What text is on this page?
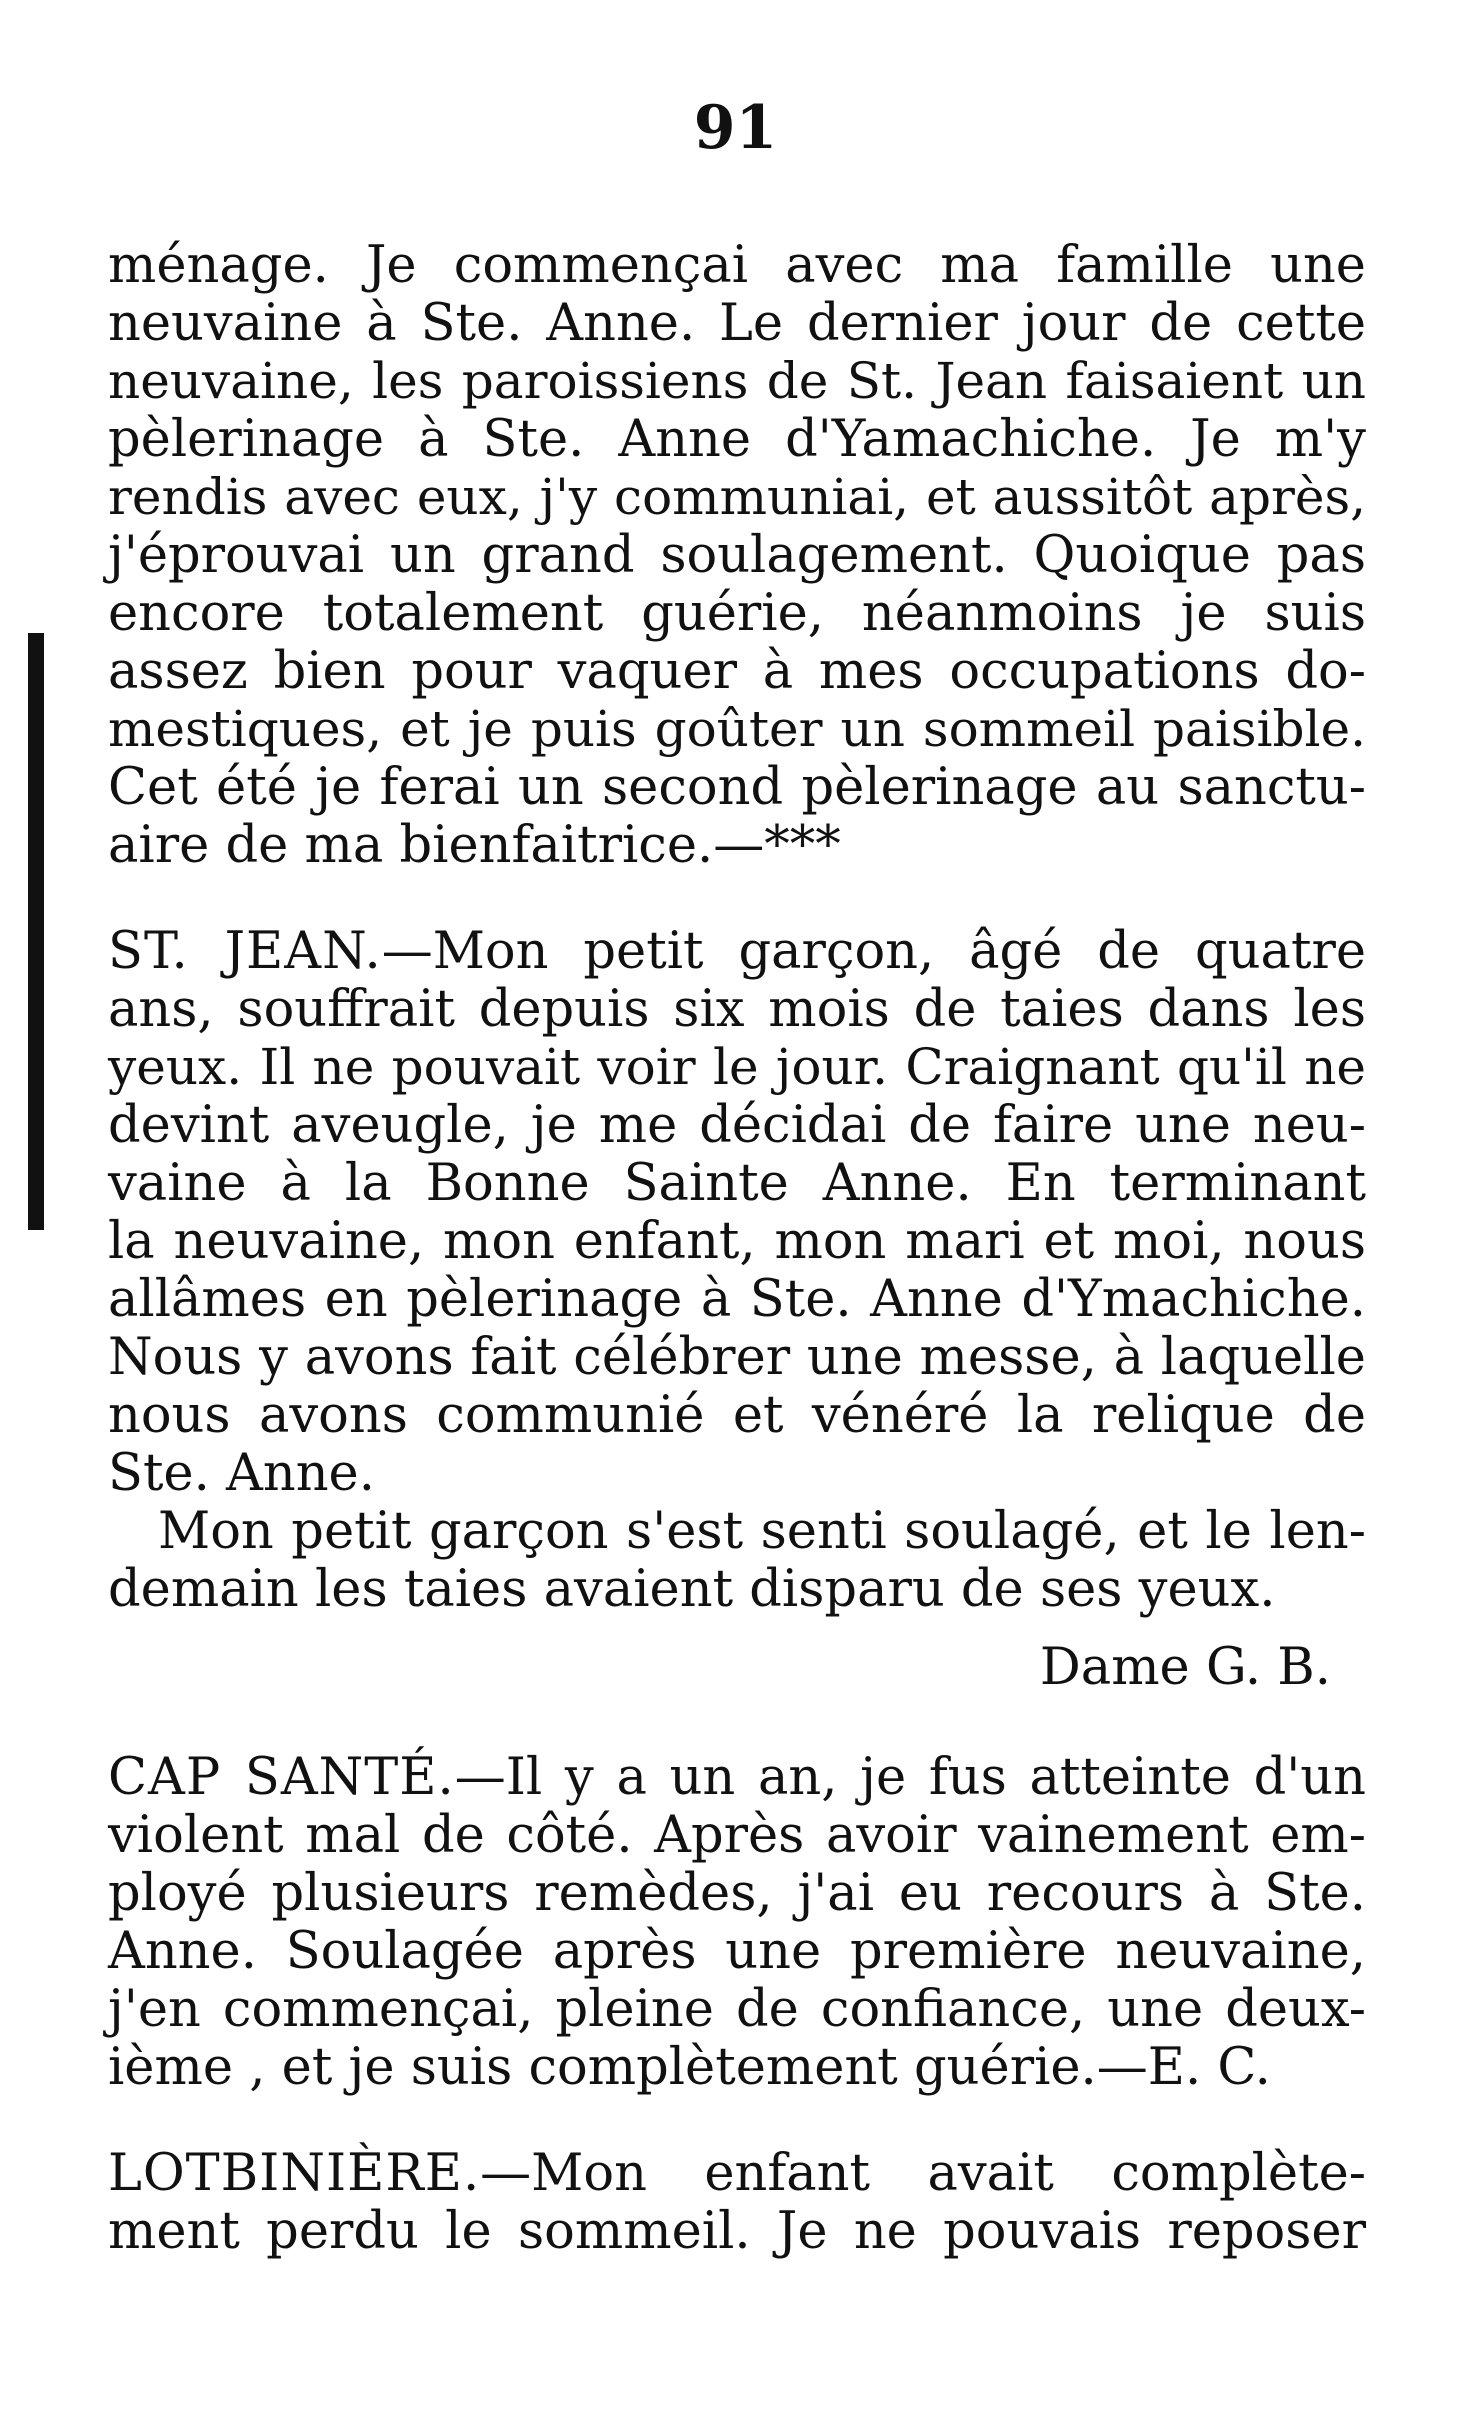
91
ménage. Je commençai avec ma famille une
neuvaine à Ste. Anne. Le dernier jour de cette
neuvaine, les paroissiens de St. Jean faisaient un
pèlerinage à Ste. Anne d'Yamachiche. Je m'y
rendis avec eux, j'y communiai, et aussitôt après,
j'éprouvai un grand soulagement. Quoique pas
encore totalement guérie, néanmoins je suis
assez bien pour vaquer à mes occupations do-
mestiques, et je puis goûter un sommeil paisible.
Cet été je ferai un second pèlerinage au sanctu-
aire de ma bienfaitrice.—***
ST. JEAN.—Mon petit garçon, âgé de quatre
ans, souffrait depuis six mois de taies dans les
yeux. Il ne pouvait voir le jour. Craignant qu'il ne
devint aveugle, je me décidai de faire une neu-
vaine à la Bonne Sainte Anne. En terminant
la neuvaine, mon enfant, mon mari et moi, nous
allâmes en pèlerinage à Ste. Anne d'Ymachiche.
Nous y avons fait célébrer une messe, à laquelle
nous avons communié et vénéré la relique de
Ste. Anne.
Mon petit garçon s'est senti soulagé, et le len-
demain les taies avaient disparu de ses yeux.
Dame G. B.
CAP SANTÉ.—Il y a un an, je fus atteinte d'un
violent mal de côté. Après avoir vainement em-
ployé plusieurs remèdes, j'ai eu recours à Ste.
Anne. Soulagée après une première neuvaine,
j'en commençai, pleine de confiance, une deux-
ième , et je suis complètement guérie.—E. C.
LOTBINIÈRE.—Mon enfant avait complète-
ment perdu le sommeil. Je ne pouvais reposer
